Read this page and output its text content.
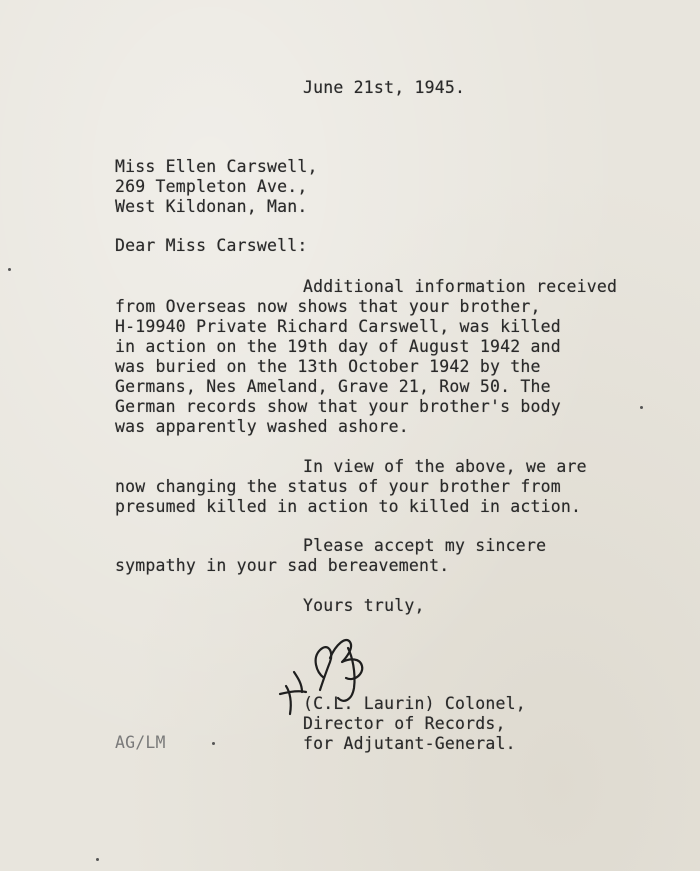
June 21st, 1945.
Miss Ellen Carswell,
269 Templeton Ave.,
West Kildonan, Man.
Dear Miss Carswell:
Additional information received
from Overseas now shows that your brother,
H-19940 Private Richard Carswell, was killed
in action on the 19th day of August 1942 and
was buried on the 13th October 1942 by the
Germans, Nes Ameland, Grave 21, Row 50. The
German records show that your brother's body
was apparently washed ashore.
In view of the above, we are
now changing the status of your brother from
presumed killed in action to killed in action.
Please accept my sincere
sympathy in your sad bereavement.
Yours truly,
(C.L. Laurin) Colonel,
Director of Records,
for Adjutant-General.
AG/LM
